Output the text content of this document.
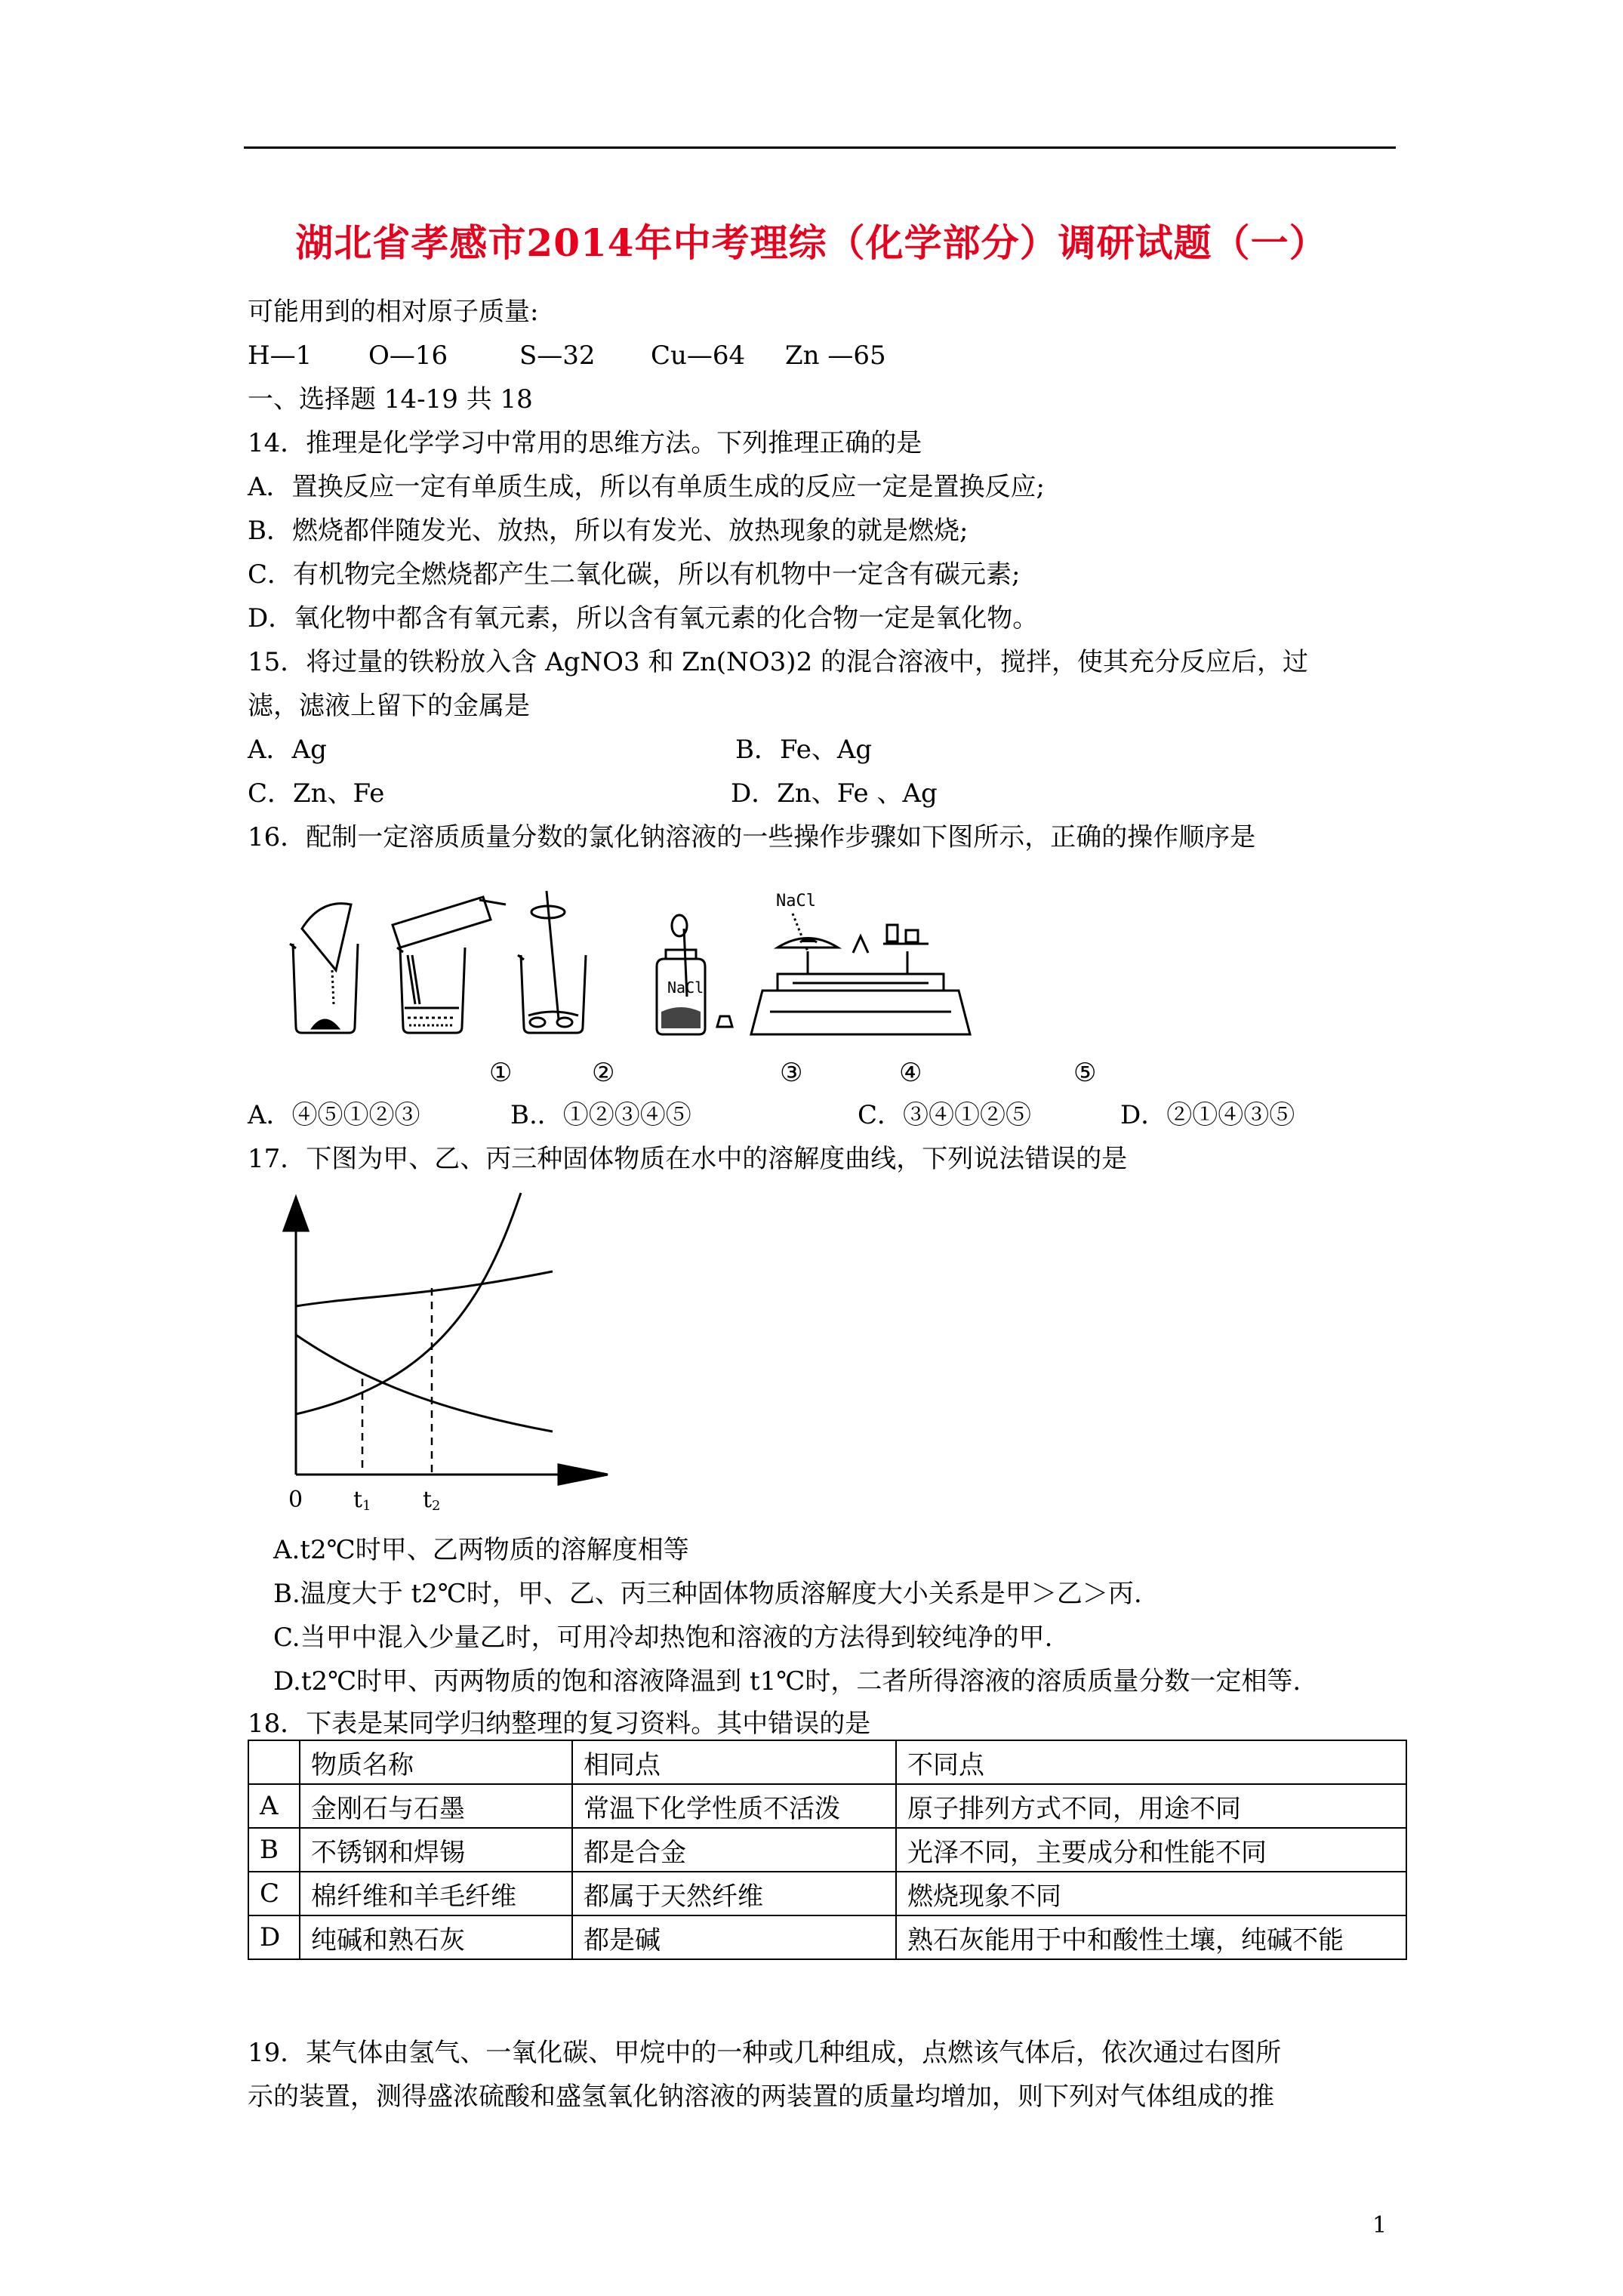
湖北省孝感市2014年中考理综（化学部分）调研试题（一）
可能用到的相对原子质量:
H—1 O—16	S—32 Cu—64 Zn —65
一、选择题 14-19 共 18
14．推理是化学学习中常用的思维方法。下列推理正确的是
A．置换反应一定有单质生成，所以有单质生成的反应一定是置换反应;
B．燃烧都伴随发光、放热，所以有发光、放热现象的就是燃烧;
C．有机物完全燃烧都产生二氧化碳，所以有机物中一定含有碳元素;
D．氧化物中都含有氧元素，所以含有氧元素的化合物一定是氧化物。
15．将过量的铁粉放入含 AgNO3 和 Zn(NO3)2 的混合溶液中，搅拌，使其充分反应后，过
滤，滤液上留下的金属是
A．Ag	B．Fe、Ag
C．Zn、Fe	D．Zn、Fe 、Ag
16．配制一定溶质质量分数的氯化钠溶液的一些操作步骤如下图所示，正确的操作顺序是
NaCl
NaCl
①	②	③	④	⑤
A．④⑤①②③	B.．①②③④⑤	C．③④①②⑤	D．②①④③⑤
17．下图为甲、乙、丙三种固体物质在水中的溶解度曲线，下列说法错误的是
0 t 1 t 2
A.t2℃时甲、乙两物质的溶解度相等
B.温度大于 t2℃时，甲、乙、丙三种固体物质溶解度大小关系是甲＞乙＞丙.
C.当甲中混入少量乙时，可用冷却热饱和溶液的方法得到较纯净的甲.
D.t2℃时甲、丙两物质的饱和溶液降温到 t1℃时，二者所得溶液的溶质质量分数一定相等.
18．下表是某同学归纳整理的复习资料。其中错误的是
	物质名称	相同点	不同点
A	金刚石与石墨	常温下化学性质不活泼	原子排列方式不同，用途不同
B	不锈钢和焊锡	都是合金	光泽不同，主要成分和性能不同
C	棉纤维和羊毛纤维	都属于天然纤维	燃烧现象不同
D	纯碱和熟石灰	都是碱	熟石灰能用于中和酸性土壤，纯碱不能
19．某气体由氢气、一氧化碳、甲烷中的一种或几种组成，点燃该气体后，依次通过右图所
示的装置，测得盛浓硫酸和盛氢氧化钠溶液的两装置的质量均增加，则下列对气体组成的推
1
